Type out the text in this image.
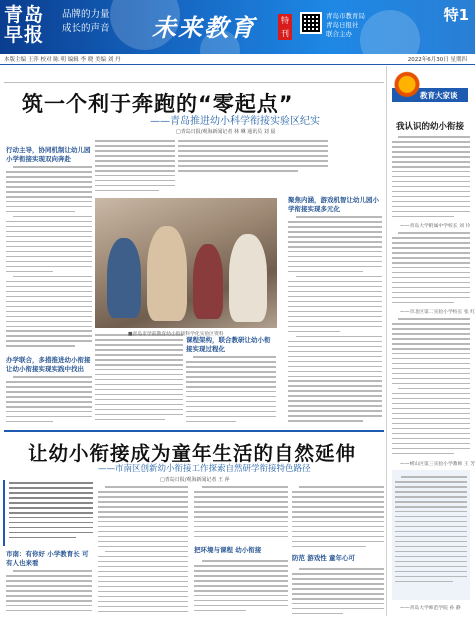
青 岛
早 报
品牌的力量
成长的声音 未来教育	特刊
青岛市教育局
青岛日报社
联合主办
特1
本版主编 王萍 校对 陈 明 编辑 李 晓 美编 刘 丹	2022年6月30日 星期四
筑一个利于奔跑的“零起点”
——青岛推进幼小科学衔接实验区纪实
□青岛日报/观海新闻记者 林 琳 通讯员 刘 晨
行动主导，协同机制让幼儿园小学衔接实现双向奔赴
办学联合，多措推进幼小衔接让幼小衔接实现实践中找出
课程架构，联合教研让幼小衔接实现过程化
■青岛市学前教育幼小衔接科学化实验区资料
聚焦内涵，游戏机智让幼儿园小学衔接实现多元化
让幼小衔接成为童年生活的自然延伸
——市南区创新幼小衔接工作探索自然研学衔接特色路径
□青岛日报/观海新闻记者 王 萍
市南：有你好 小学教育长 可有人也来看
把环境与课程 幼小衔接
防范 游戏性 童年心可
教育大家谈
我认识的幼小衔接
——青岛大学附属中学校长 刘 玲
——市北区第二实验小学校长 张 红
——崂山区第三实验小学教师 王 芳
——青岛大学师范学院 孙 静
